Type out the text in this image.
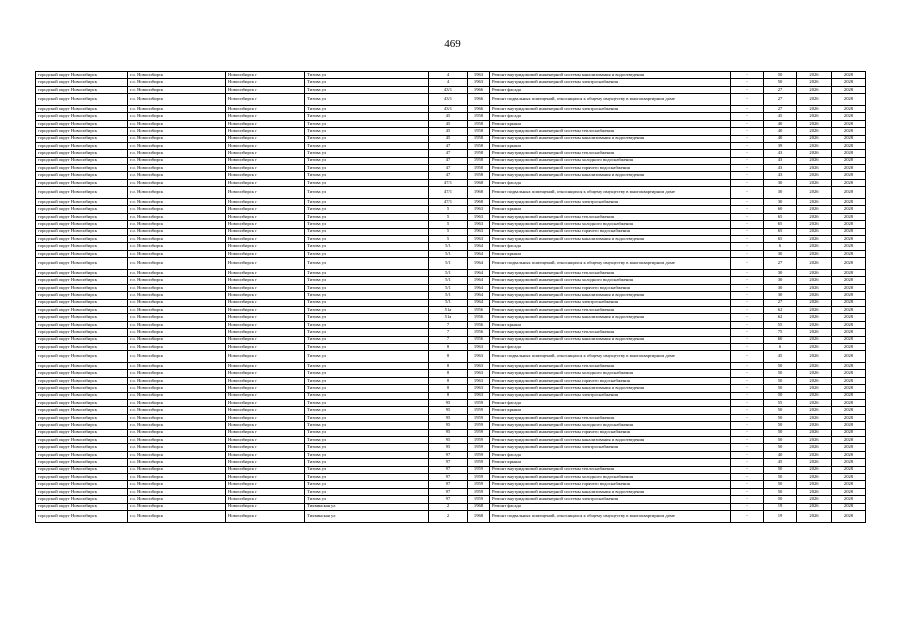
469
городской округ Новосибирск	г.о. Новосибирск	Новосибирск г	Титова ул	4	1963	Ремонт внутридомовой инженерной системы канализования и водоотведения	-	50	2026	2028
городской округ Новосибирск	г.о. Новосибирск	Новосибирск г	Титова ул	4	1963	Ремонт внутридомовой инженерной системы электроснабжения	-	50	2026	2028
городской округ Новосибирск	г.о. Новосибирск	Новосибирск г	Титова ул	43/1	1966	Ремонт фасада	-	27	2026	2028
городской округ Новосибирск	г.о. Новосибирск	Новосибирск г	Титова ул	43/1	1966	Ремонт подвальных помещений, относящихся к общему имуществу в многоквартирном доме	-	27	2026	2028
городской округ Новосибирск	г.о. Новосибирск	Новосибирск г	Титова ул	43/1	1966	Ремонт внутридомовой инженерной системы электроснабжения	-	27	2026	2028
городской округ Новосибирск	г.о. Новосибирск	Новосибирск г	Титова ул	45	1958	Ремонт фасада	-	45	2026	2028
городской округ Новосибирск	г.о. Новосибирск	Новосибирск г	Титова ул	45	1958	Ремонт крыши	-	40	2026	2028
городской округ Новосибирск	г.о. Новосибирск	Новосибирск г	Титова ул	45	1958	Ремонт внутридомовой инженерной системы теплоснабжения	-	40	2026	2028
городской округ Новосибирск	г.о. Новосибирск	Новосибирск г	Титова ул	45	1958	Ремонт внутридомовой инженерной системы канализования и водоотведения	-	40	2026	2028
городской округ Новосибирск	г.о. Новосибирск	Новосибирск г	Титова ул	47	1958	Ремонт крыши	-	39	2026	2028
городской округ Новосибирск	г.о. Новосибирск	Новосибирск г	Титова ул	47	1958	Ремонт внутридомовой инженерной системы теплоснабжения	-	43	2026	2028
городской округ Новосибирск	г.о. Новосибирск	Новосибирск г	Титова ул	47	1958	Ремонт внутридомовой инженерной системы холодного водоснабжения	-	43	2026	2028
городской округ Новосибирск	г.о. Новосибирск	Новосибирск г	Титова ул	47	1958	Ремонт внутридомовой инженерной системы горячего водоснабжения	-	43	2026	2028
городской округ Новосибирск	г.о. Новосибирск	Новосибирск г	Титова ул	47	1958	Ремонт внутридомовой инженерной системы канализования и водоотведения	-	43	2026	2028
городской округ Новосибирск	г.о. Новосибирск	Новосибирск г	Титова ул	47/1	1968	Ремонт фасада	-	30	2026	2028
городской округ Новосибирск	г.о. Новосибирск	Новосибирск г	Титова ул	47/1	1968	Ремонт подвальных помещений, относящихся к общему имуществу в многоквартирном доме	-	30	2026	2028
городской округ Новосибирск	г.о. Новосибирск	Новосибирск г	Титова ул	47/1	1968	Ремонт внутридомовой инженерной системы электроснабжения	-	30	2026	2028
городской округ Новосибирск	г.о. Новосибирск	Новосибирск г	Титова ул	5	1963	Ремонт крыши	-	60	2026	2028
городской округ Новосибирск	г.о. Новосибирск	Новосибирск г	Титова ул	5	1963	Ремонт внутридомовой инженерной системы теплоснабжения	-	65	2026	2028
городской округ Новосибирск	г.о. Новосибирск	Новосибирск г	Титова ул	5	1963	Ремонт внутридомовой инженерной системы холодного водоснабжения	-	65	2026	2028
городской округ Новосибирск	г.о. Новосибирск	Новосибирск г	Титова ул	5	1963	Ремонт внутридомовой инженерной системы горячего водоснабжения	-	65	2026	2028
городской округ Новосибирск	г.о. Новосибирск	Новосибирск г	Титова ул	5	1963	Ремонт внутридомовой инженерной системы канализования и водоотведения	-	65	2026	2028
городской округ Новосибирск	г.о. Новосибирск	Новосибирск г	Титова ул	5/1	1964	Ремонт фасада	-	6	2026	2028
городской округ Новосибирск	г.о. Новосибирск	Новосибирск г	Титова ул	5/1	1964	Ремонт крыши	-	30	2026	2028
городской округ Новосибирск	г.о. Новосибирск	Новосибирск г	Титова ул	5/1	1964	Ремонт подвальных помещений, относящихся к общему имуществу в многоквартирном доме	-	27	2026	2028
городской округ Новосибирск	г.о. Новосибирск	Новосибирск г	Титова ул	5/1	1964	Ремонт внутридомовой инженерной системы теплоснабжения	-	30	2026	2028
городской округ Новосибирск	г.о. Новосибирск	Новосибирск г	Титова ул	5/1	1964	Ремонт внутридомовой инженерной системы холодного водоснабжения	-	30	2026	2028
городской округ Новосибирск	г.о. Новосибирск	Новосибирск г	Титова ул	5/1	1964	Ремонт внутридомовой инженерной системы горячего водоснабжения	-	30	2026	2028
городской округ Новосибирск	г.о. Новосибирск	Новосибирск г	Титова ул	5/1	1964	Ремонт внутридомовой инженерной системы канализования и водоотведения	-	30	2026	2028
городской округ Новосибирск	г.о. Новосибирск	Новосибирск г	Титова ул	5/1	1964	Ремонт внутридомовой инженерной системы электроснабжения	-	27	2026	2028
городской округ Новосибирск	г.о. Новосибирск	Новосибирск г	Титова ул	51а	1956	Ремонт внутридомовой инженерной системы теплоснабжения	-	62	2026	2028
городской округ Новосибирск	г.о. Новосибирск	Новосибирск г	Титова ул	51а	1956	Ремонт внутридомовой инженерной системы канализования и водоотведения	-	62	2026	2028
городской округ Новосибирск	г.о. Новосибирск	Новосибирск г	Титова ул	7	1956	Ремонт крыши	-	55	2026	2028
городской округ Новосибирск	г.о. Новосибирск	Новосибирск г	Титова ул	7	1956	Ремонт внутридомовой инженерной системы теплоснабжения	-	75	2026	2028
городской округ Новосибирск	г.о. Новосибирск	Новосибирск г	Титова ул	7	1956	Ремонт внутридомовой инженерной системы канализования и водоотведения	-	60	2026	2028
городской округ Новосибирск	г.о. Новосибирск	Новосибирск г	Титова ул	8	1963	Ремонт фасада	-	6	2026	2028
городской округ Новосибирск	г.о. Новосибирск	Новосибирск г	Титова ул	8	1963	Ремонт подвальных помещений, относящихся к общему имуществу в многоквартирном доме	-	45	2026	2028
городской округ Новосибирск	г.о. Новосибирск	Новосибирск г	Титова ул	8	1963	Ремонт внутридомовой инженерной системы теплоснабжения	-	50	2026	2028
городской округ Новосибирск	г.о. Новосибирск	Новосибирск г	Титова ул	8	1963	Ремонт внутридомовой инженерной системы холодного водоснабжения	-	50	2026	2028
городской округ Новосибирск	г.о. Новосибирск	Новосибирск г	Титова ул	8	1963	Ремонт внутридомовой инженерной системы горячего водоснабжения	-	50	2026	2028
городской округ Новосибирск	г.о. Новосибирск	Новосибирск г	Титова ул	8	1963	Ремонт внутридомовой инженерной системы канализования и водоотведения	-	50	2026	2028
городской округ Новосибирск	г.о. Новосибирск	Новосибирск г	Титова ул	8	1963	Ремонт внутридомовой инженерной системы электроснабжения	-	50	2026	2028
городской округ Новосибирск	г.о. Новосибирск	Новосибирск г	Титова ул	95	1959	Ремонт фасада	-	55	2026	2028
городской округ Новосибирск	г.о. Новосибирск	Новосибирск г	Титова ул	95	1959	Ремонт крыши	-	50	2026	2028
городской округ Новосибирск	г.о. Новосибирск	Новосибирск г	Титова ул	95	1959	Ремонт внутридомовой инженерной системы теплоснабжения	-	50	2026	2028
городской округ Новосибирск	г.о. Новосибирск	Новосибирск г	Титова ул	95	1959	Ремонт внутридомовой инженерной системы холодного водоснабжения	-	50	2026	2028
городской округ Новосибирск	г.о. Новосибирск	Новосибирск г	Титова ул	95	1959	Ремонт внутридомовой инженерной системы горячего водоснабжения	-	50	2026	2028
городской округ Новосибирск	г.о. Новосибирск	Новосибирск г	Титова ул	95	1959	Ремонт внутридомовой инженерной системы канализования и водоотведения	-	50	2026	2028
городской округ Новосибирск	г.о. Новосибирск	Новосибирск г	Титова ул	95	1959	Ремонт внутридомовой инженерной системы электроснабжения	-	50	2026	2028
городской округ Новосибирск	г.о. Новосибирск	Новосибирск г	Титова ул	97	1959	Ремонт фасада	-	40	2026	2028
городской округ Новосибирск	г.о. Новосибирск	Новосибирск г	Титова ул	97	1959	Ремонт крыши	-	45	2026	2028
городской округ Новосибирск	г.о. Новосибирск	Новосибирск г	Титова ул	97	1959	Ремонт внутридомовой инженерной системы теплоснабжения	-	50	2026	2028
городской округ Новосибирск	г.о. Новосибирск	Новосибирск г	Титова ул	97	1959	Ремонт внутридомовой инженерной системы холодного водоснабжения	-	50	2026	2028
городской округ Новосибирск	г.о. Новосибирск	Новосибирск г	Титова ул	97	1959	Ремонт внутридомовой инженерной системы горячего водоснабжения	-	50	2026	2028
городской округ Новосибирск	г.о. Новосибирск	Новосибирск г	Титова ул	97	1959	Ремонт внутридомовой инженерной системы канализования и водоотведения	-	50	2026	2028
городской округ Новосибирск	г.о. Новосибирск	Новосибирск г	Титова ул	97	1959	Ремонт внутридомовой инженерной системы электроснабжения	-	50	2026	2028
городской округ Новосибирск	г.о. Новосибирск	Новосибирск г	Тихвинская ул	2	1968	Ремонт фасада	-	19	2026	2028
городской округ Новосибирск	г.о. Новосибирск	Новосибирск г	Тихвинская ул	2	1968	Ремонт подвальных помещений, относящихся к общему имуществу в многоквартирном доме	-	19	2026	2028
